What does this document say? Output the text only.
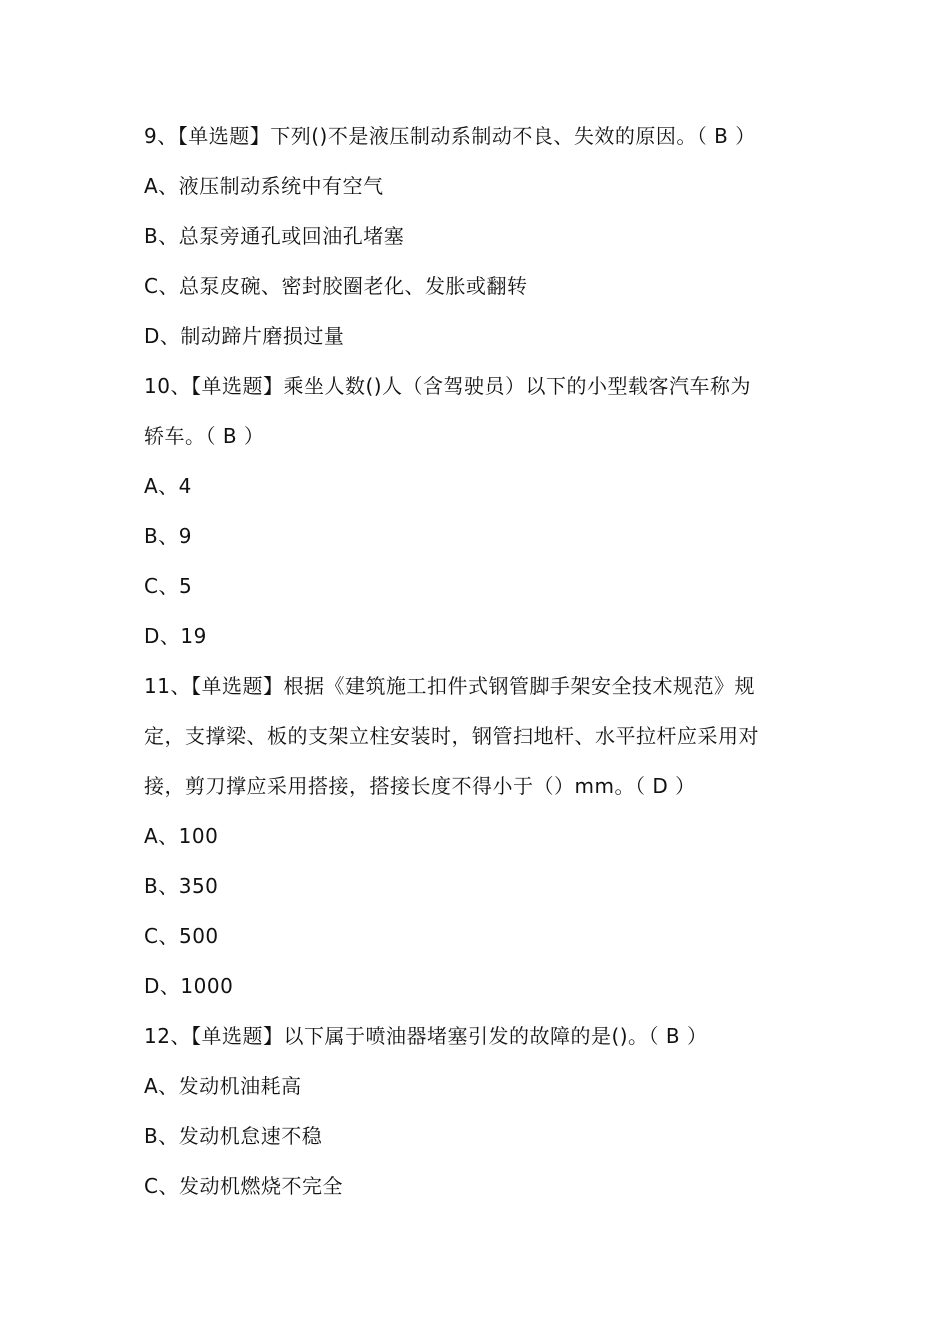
9、【单选题】下列()不是液压制动系制动不良、失效的原因。（ B ）
A、液压制动系统中有空气
B、总泵旁通孔或回油孔堵塞
C、总泵皮碗、密封胶圈老化、发胀或翻转
D、制动蹄片磨损过量
10、【单选题】乘坐人数()人（含驾驶员）以下的小型载客汽车称为
轿车。（ B ）
A、4
B、9
C、5
D、19
11、【单选题】根据《建筑施工扣件式钢管脚手架安全技术规范》规
定，支撑梁、板的支架立柱安装时，钢管扫地杆、水平拉杆应采用对
接，剪刀撑应采用搭接，搭接长度不得小于（）mm。（ D ）
A、100
B、350
C、500
D、1000
12、【单选题】以下属于喷油器堵塞引发的故障的是()。（ B ）
A、发动机油耗高
B、发动机怠速不稳
C、发动机燃烧不完全
